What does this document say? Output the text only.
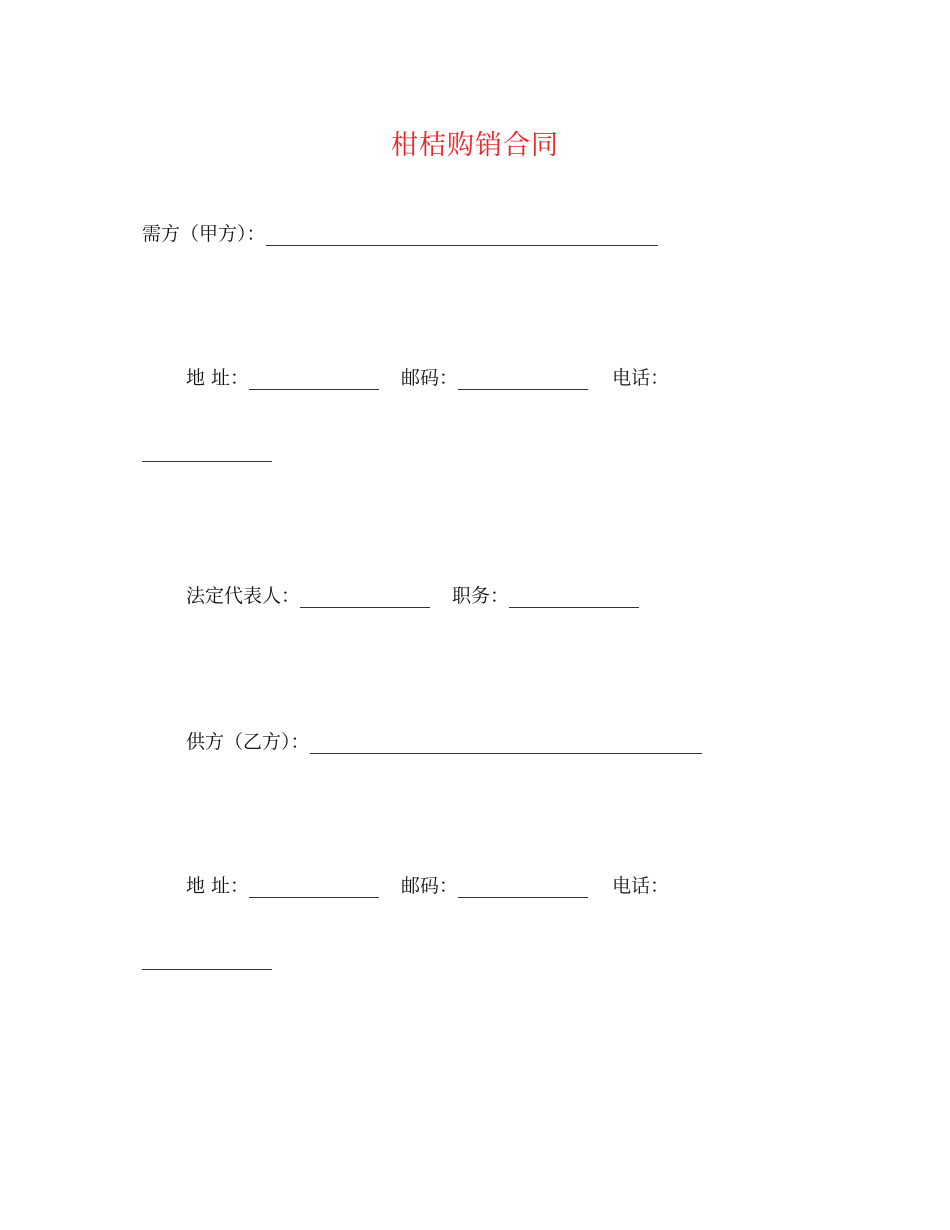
柑桔购销合同
需方（甲方）：
地 址：	邮码：	电话：
法定代表人：	职务：
供方（乙方）：
地 址：	邮码：	电话：
